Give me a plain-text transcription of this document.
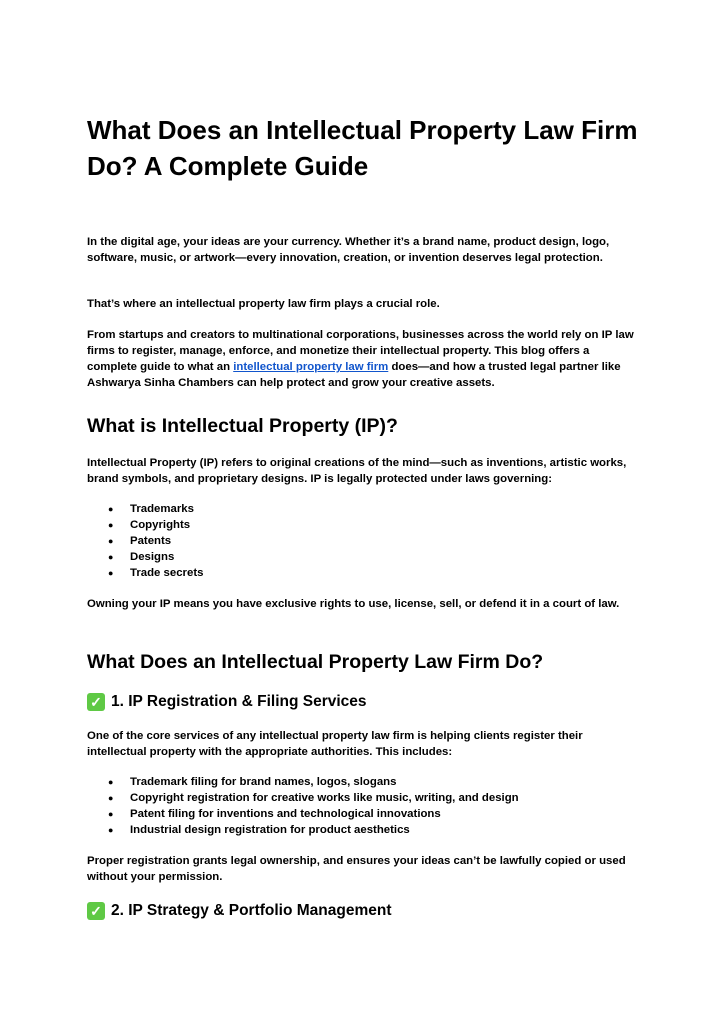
What Does an Intellectual Property Law Firm Do? A Complete Guide

In the digital age, your ideas are your currency. Whether it’s a brand name, product design, logo, software, music, or artwork—every innovation, creation, or invention deserves legal protection.

That’s where an intellectual property law firm plays a crucial role.

From startups and creators to multinational corporations, businesses across the world rely on IP law firms to register, manage, enforce, and monetize their intellectual property. This blog offers a complete guide to what an intellectual property law firm does—and how a trusted legal partner like Ashwarya Sinha Chambers can help protect and grow your creative assets.

What is Intellectual Property (IP)?

Intellectual Property (IP) refers to original creations of the mind—such as inventions, artistic works, brand symbols, and proprietary designs. IP is legally protected under laws governing:

● Trademarks
● Copyrights
● Patents
● Designs
● Trade secrets

Owning your IP means you have exclusive rights to use, license, sell, or defend it in a court of law.

What Does an Intellectual Property Law Firm Do?
✓ 1. IP Registration & Filing Services

One of the core services of any intellectual property law firm is helping clients register their intellectual property with the appropriate authorities. This includes:

● Trademark filing for brand names, logos, slogans
● Copyright registration for creative works like music, writing, and design
● Patent filing for inventions and technological innovations
● Industrial design registration for product aesthetics

Proper registration grants legal ownership, and ensures your ideas can’t be lawfully copied or used without your permission.

✓ 2. IP Strategy & Portfolio Management
